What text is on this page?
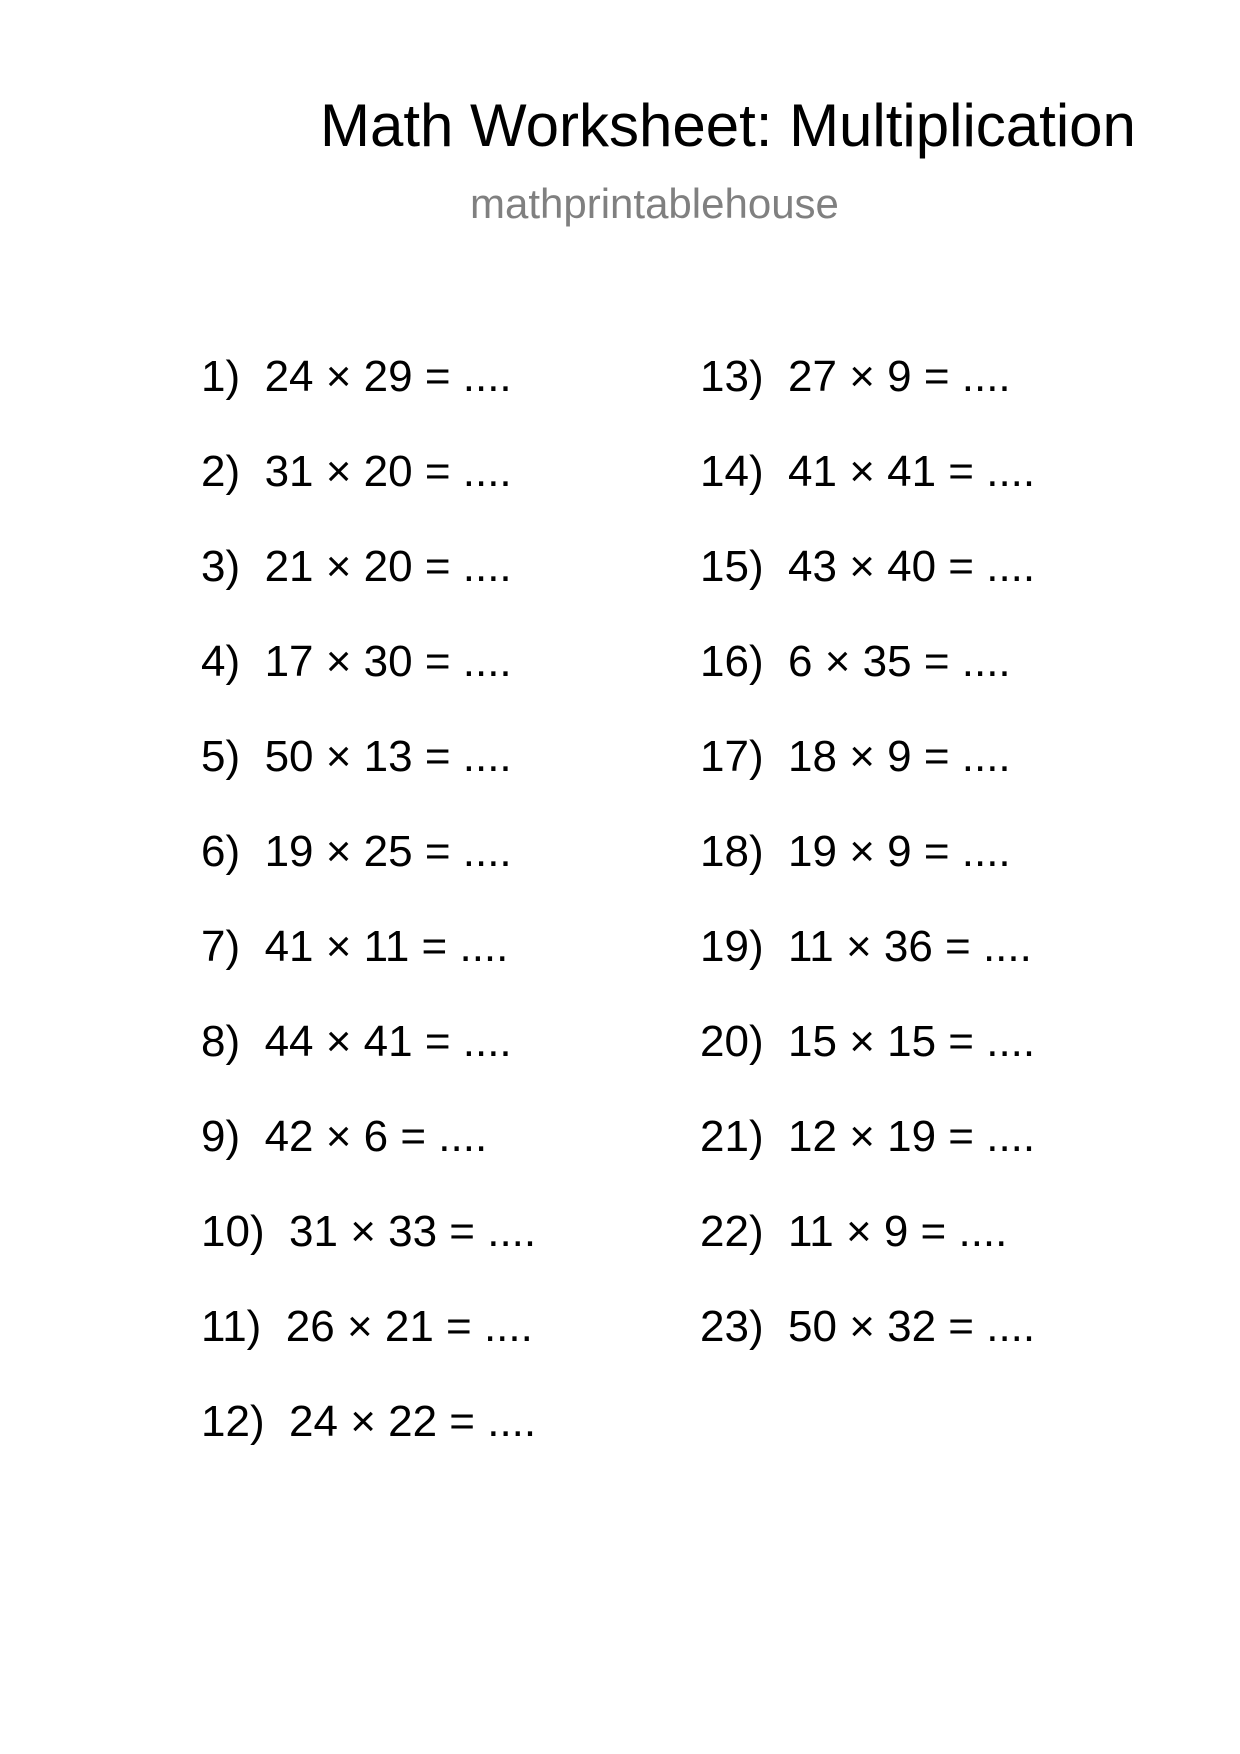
Math Worksheet: Multiplication
mathprintablehouse
1)  24 × 29 = ....
2)  31 × 20 = ....
3)  21 × 20 = ....
4)  17 × 30 = ....
5)  50 × 13 = ....
6)  19 × 25 = ....
7)  41 × 11 = ....
8)  44 × 41 = ....
9)  42 × 6 = ....
10)  31 × 33 = ....
11)  26 × 21 = ....
12)  24 × 22 = ....
13)  27 × 9 = ....
14)  41 × 41 = ....
15)  43 × 40 = ....
16)  6 × 35 = ....
17)  18 × 9 = ....
18)  19 × 9 = ....
19)  11 × 36 = ....
20)  15 × 15 = ....
21)  12 × 19 = ....
22)  11 × 9 = ....
23)  50 × 32 = ....
